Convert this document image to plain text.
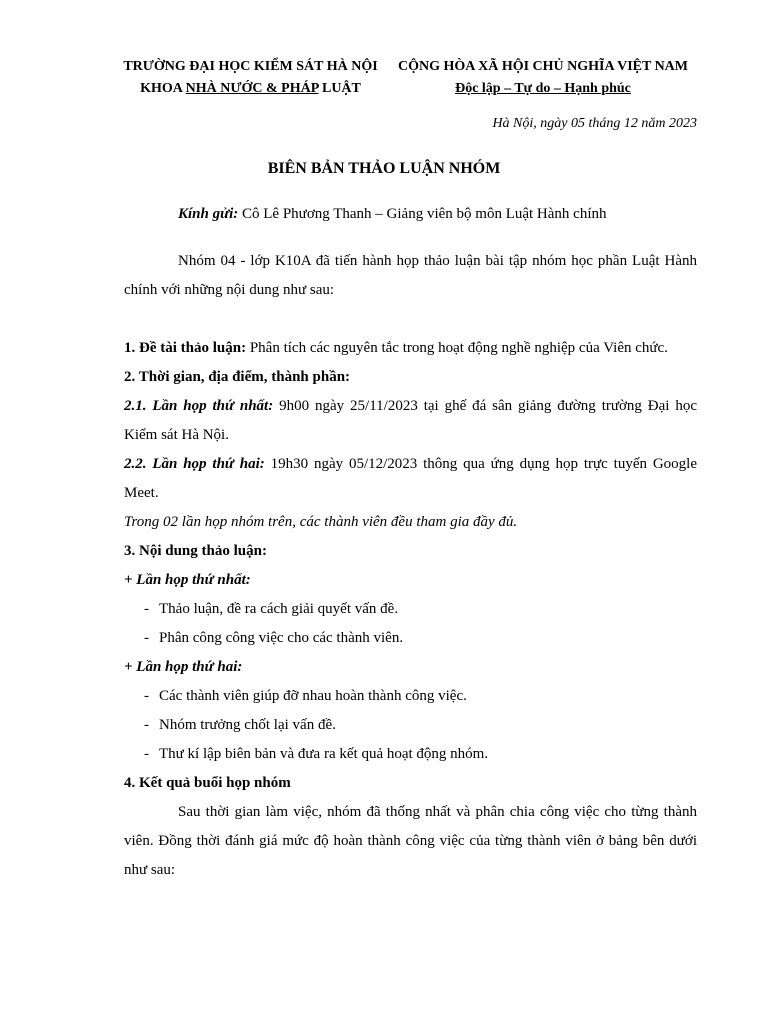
TRƯỜNG ĐẠI HỌC KIỂM SÁT HÀ NỘI
KHOA NHÀ NƯỚC & PHÁP LUẬT
CỘNG HÒA XÃ HỘI CHỦ NGHĨA VIỆT NAM
Độc lập – Tự do – Hạnh phúc
Hà Nội, ngày 05 tháng 12 năm 2023
BIÊN BẢN THẢO LUẬN NHÓM
Kính gửi: Cô Lê Phương Thanh – Giảng viên bộ môn Luật Hành chính

Nhóm 04 - lớp K10A đã tiến hành họp thảo luận bài tập nhóm học phần Luật Hành chính với những nội dung như sau:

1. Đề tài thảo luận: Phân tích các nguyên tắc trong hoạt động nghề nghiệp của Viên chức.

2. Thời gian, địa điểm, thành phần:

2.1. Lần họp thứ nhất: 9h00 ngày 25/11/2023 tại ghế đá sân giảng đường trường Đại học Kiểm sát Hà Nội.

2.2. Lần họp thứ hai: 19h30 ngày 05/12/2023 thông qua ứng dụng họp trực tuyến Google Meet.

Trong 02 lần họp nhóm trên, các thành viên đều tham gia đầy đủ.

3. Nội dung thảo luận:

+ Lần họp thứ nhất:

- Thảo luận, đề ra cách giải quyết vấn đề.

- Phân công công việc cho các thành viên.

+ Lần họp thứ hai:

- Các thành viên giúp đỡ nhau hoàn thành công việc.

- Nhóm trưởng chốt lại vấn đề.

- Thư kí lập biên bản và đưa ra kết quả hoạt động nhóm.

4. Kết quả buổi họp nhóm

Sau thời gian làm việc, nhóm đã thống nhất và phân chia công việc cho từng thành viên. Đồng thời đánh giá mức độ hoàn thành công việc của từng thành viên ở bảng bên dưới như sau:
